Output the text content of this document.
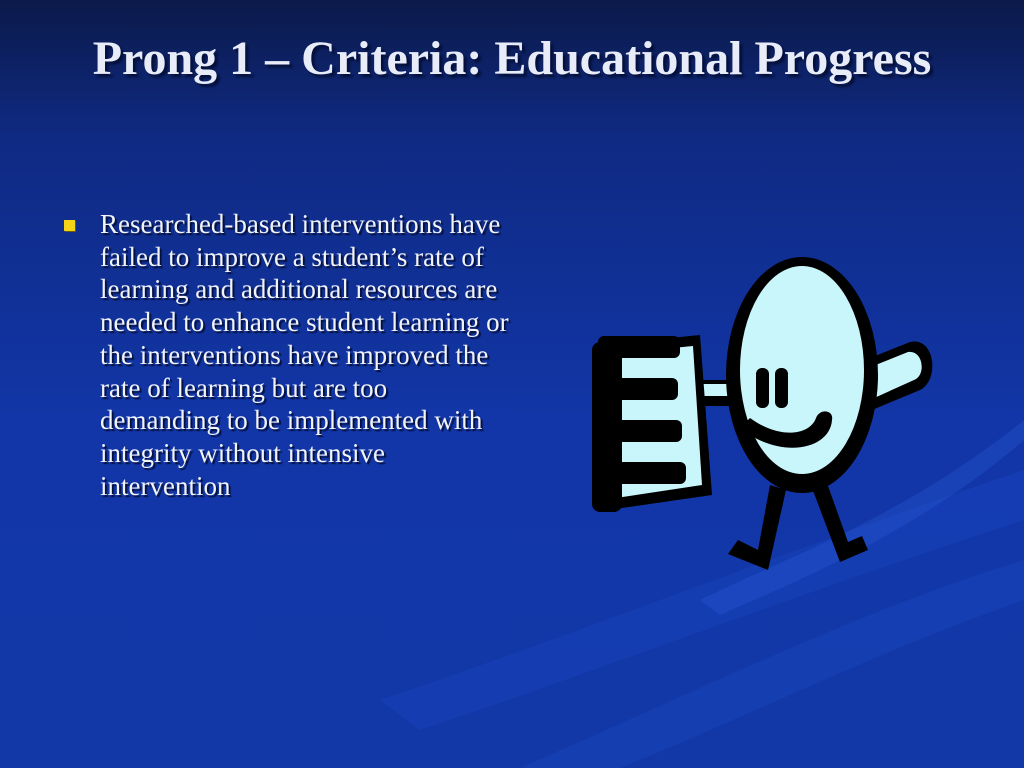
Prong 1 – Criteria: Educational Progress
Researched-based interventions have failed to improve a student’s rate of learning and additional resources are needed to enhance student learning or the interventions have improved the rate of learning but are too demanding to be implemented with integrity without intensive intervention
